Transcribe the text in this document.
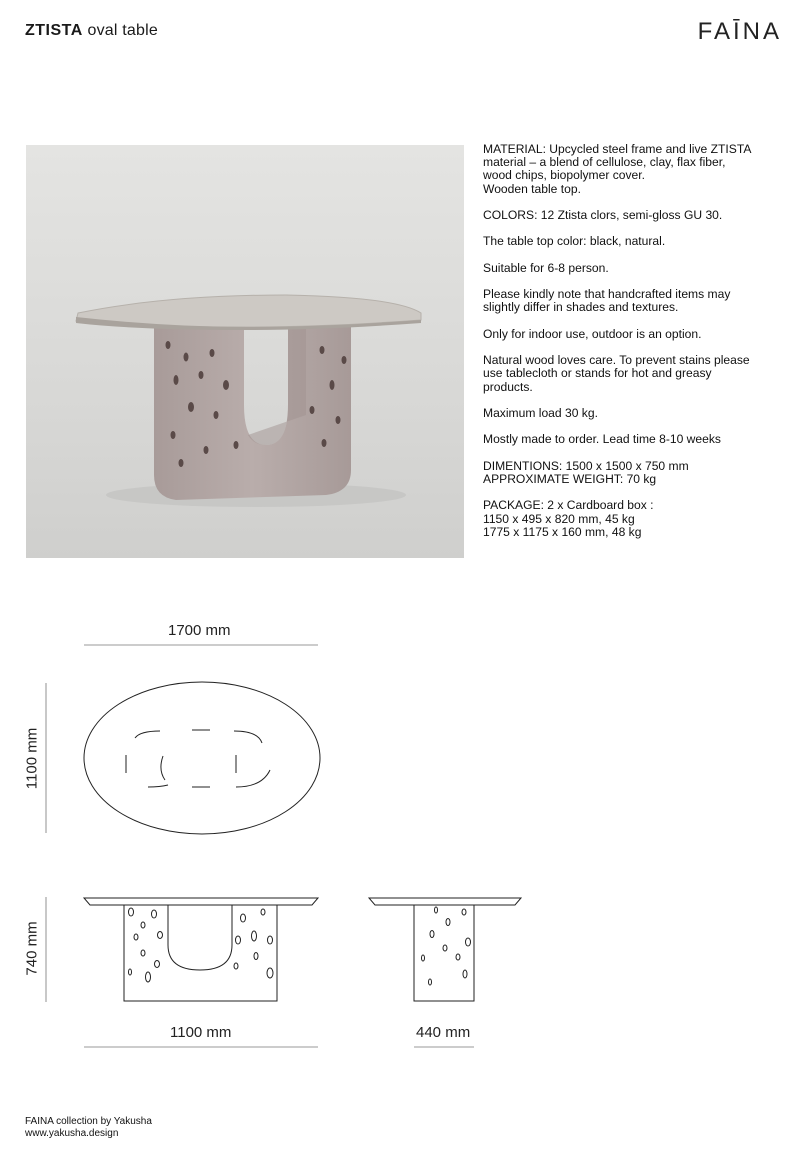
ZTISTA oval table	FAĪNA

MATERIAL: Upcycled steel frame and live ZTISTA
material – a blend of cellulose, clay, flax fiber,
wood chips, biopolymer cover.
Wooden table top.

COLORS: 12 Ztista clors, semi-gloss GU 30.

The table top color: black, natural.

Suitable for 6-8 person.

Please kindly note that handcrafted items may
slightly differ in shades and textures.

Only for indoor use, outdoor is an option.

Natural wood loves care. To prevent stains please
use tablecloth or stands for hot and greasy
products.

Maximum load 30 kg.

Mostly made to order. Lead time 8-10 weeks

DIMENTIONS: 1500 x 1500 x 750 mm
APPROXIMATE WEIGHT: 70 kg

PACKAGE: 2 x Cardboard box :
1150 x 495 x 820 mm, 45 kg
1775 x 1175 x 160 mm, 48 kg

1700 mm
1100 mm
740 mm
1100 mm	440 mm
FAINA collection by Yakusha
www.yakusha.design
